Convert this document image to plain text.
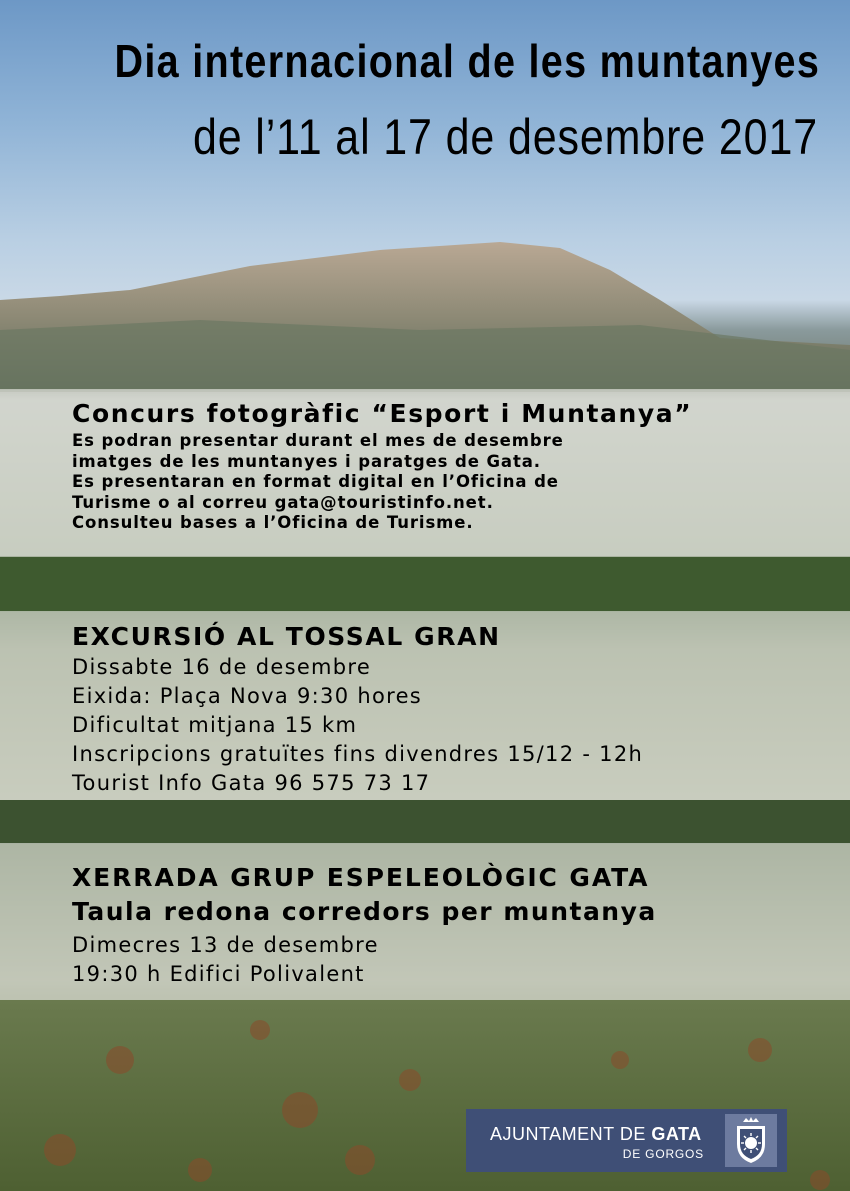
Dia internacional de les muntanyes
de l’11 al 17 de desembre 2017
Concurs fotogràfic “Esport i Muntanya”

Es podran presentar durant el mes de desembre

imatges de les muntanyes i paratges de Gata.

Es presentaran en format digital en l’Oficina de

Turisme o al correu gata@touristinfo.net.

Consulteu bases a l’Oficina de Turisme.

EXCURSIÓ AL TOSSAL GRAN

Dissabte 16 de desembre

Eixida: Plaça Nova 9:30 hores

Dificultat mitjana 15 km

Inscripcions gratuïtes fins divendres 15/12 - 12h

Tourist Info Gata 96 575 73 17

XERRADA GRUP ESPELEOLÒGIC GATA
Taula redona corredors per muntanya

Dimecres 13 de desembre

19:30 h Edifici Polivalent

AJUNTAMENT DE GATA
DE GORGOS
